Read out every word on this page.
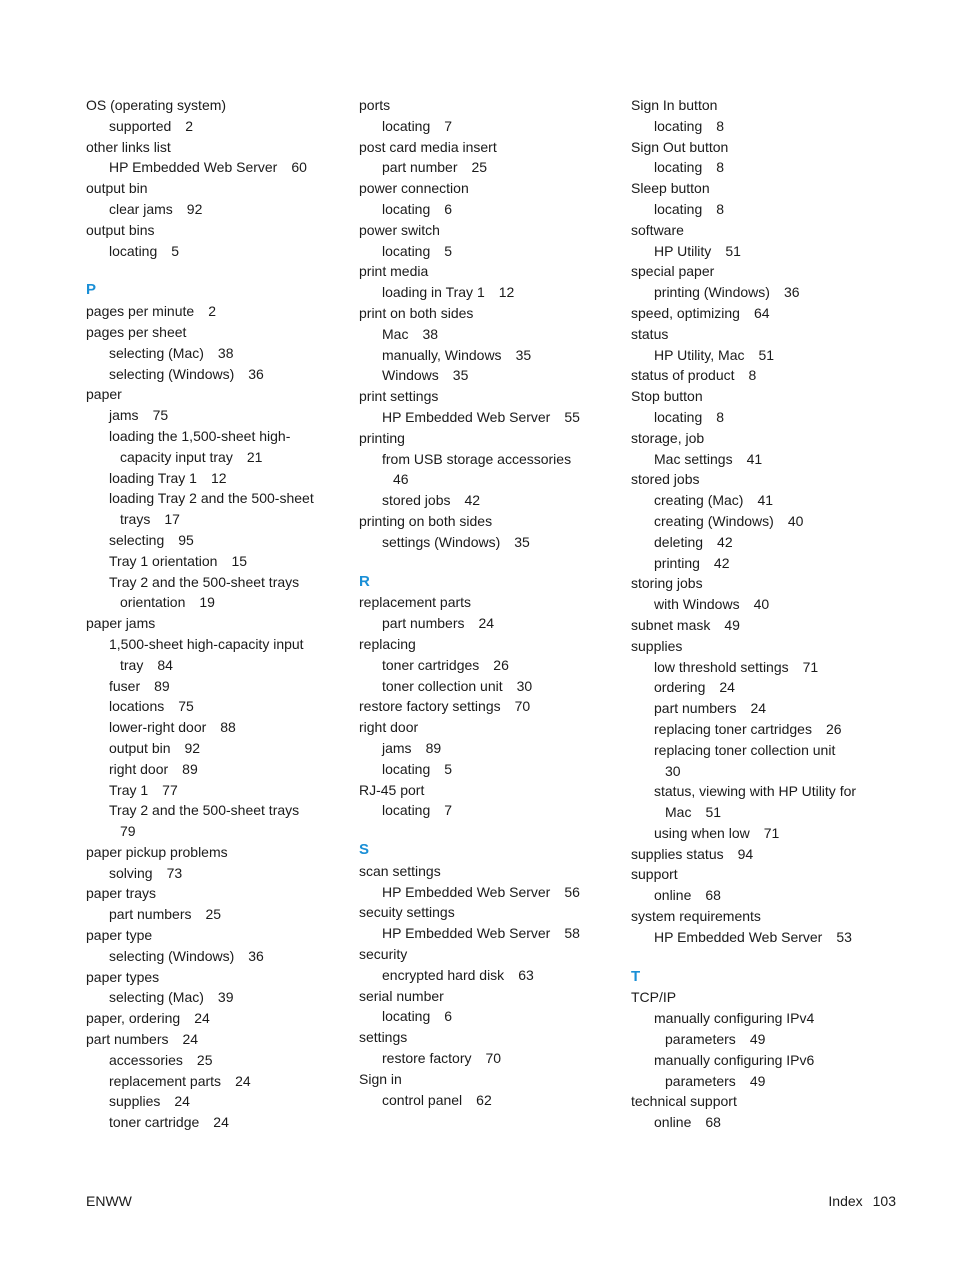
OS (operating system)
supported 2
other links list
HP Embedded Web Server 60
output bin
clear jams 92
output bins
locating 5
P
pages per minute 2
pages per sheet
selecting (Mac) 38
selecting (Windows) 36
paper
jams 75
loading the 1,500-sheet high-
capacity input tray 21
loading Tray 1 12
loading Tray 2 and the 500-sheet
trays 17
selecting 95
Tray 1 orientation 15
Tray 2 and the 500-sheet trays
orientation 19
paper jams
1,500-sheet high-capacity input
tray 84
fuser 89
locations 75
lower-right door 88
output bin 92
right door 89
Tray 1 77
Tray 2 and the 500-sheet trays
79
paper pickup problems
solving 73
paper trays
part numbers 25
paper type
selecting (Windows) 36
paper types
selecting (Mac) 39
paper, ordering 24
part numbers 24
accessories 25
replacement parts 24
supplies 24
toner cartridge 24
ports
locating 7
post card media insert
part number 25
power connection
locating 6
power switch
locating 5
print media
loading in Tray 1 12
print on both sides
Mac 38
manually, Windows 35
Windows 35
print settings
HP Embedded Web Server 55
printing
from USB storage accessories
46
stored jobs 42
printing on both sides
settings (Windows) 35
R
replacement parts
part numbers 24
replacing
toner cartridges 26
toner collection unit 30
restore factory settings 70
right door
jams 89
locating 5
RJ-45 port
locating 7
S
scan settings
HP Embedded Web Server 56
secuity settings
HP Embedded Web Server 58
security
encrypted hard disk 63
serial number
locating 6
settings
restore factory 70
Sign in
control panel 62
Sign In button
locating 8
Sign Out button
locating 8
Sleep button
locating 8
software
HP Utility 51
special paper
printing (Windows) 36
speed, optimizing 64
status
HP Utility, Mac 51
status of product 8
Stop button
locating 8
storage, job
Mac settings 41
stored jobs
creating (Mac) 41
creating (Windows) 40
deleting 42
printing 42
storing jobs
with Windows 40
subnet mask 49
supplies
low threshold settings 71
ordering 24
part numbers 24
replacing toner cartridges 26
replacing toner collection unit
30
status, viewing with HP Utility for
Mac 51
using when low 71
supplies status 94
support
online 68
system requirements
HP Embedded Web Server 53
T
TCP/IP
manually configuring IPv4
parameters 49
manually configuring IPv6
parameters 49
technical support
online 68
ENWW	Index 103
